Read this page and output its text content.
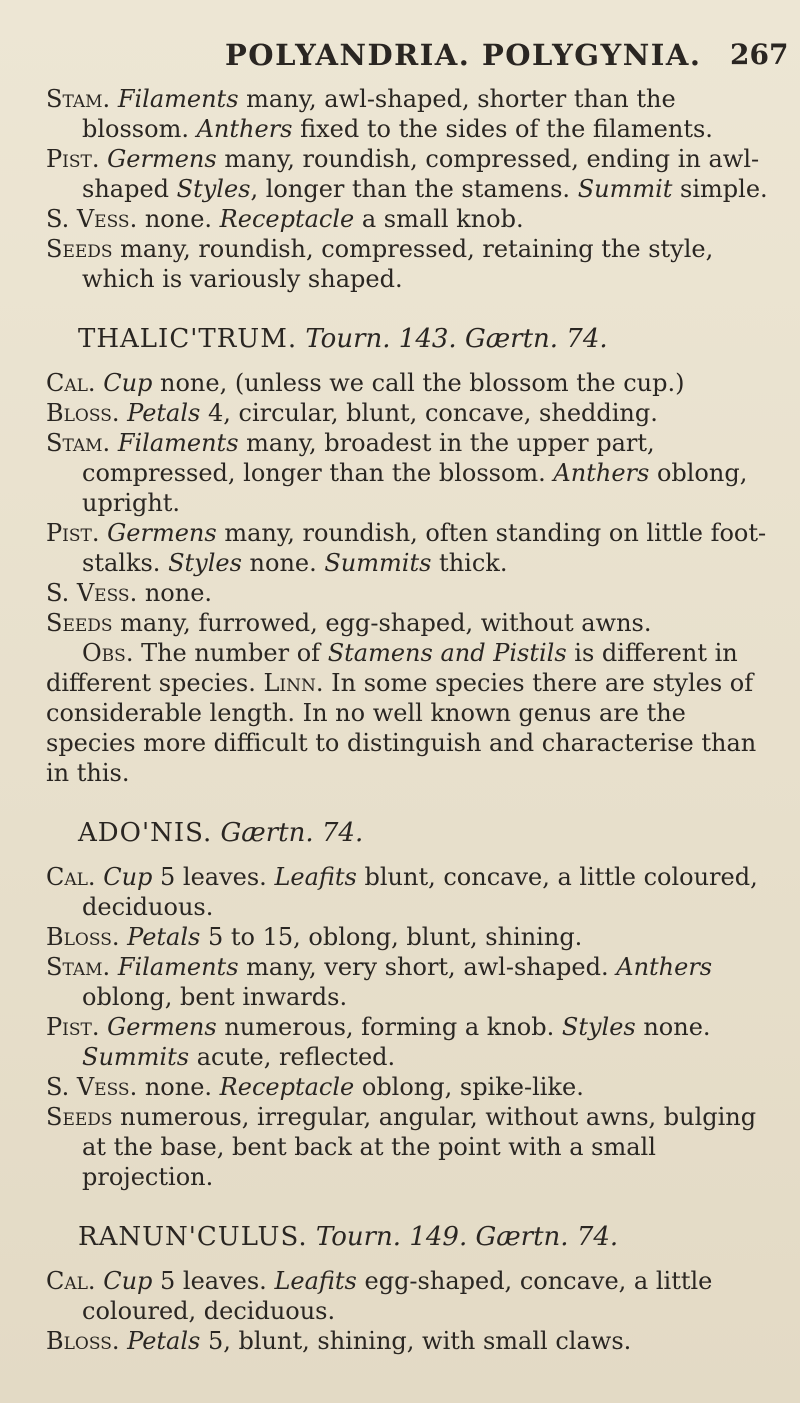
POLYANDRIA. POLYGYNIA. 267

Stam. Filaments many, awl-shaped, shorter than the blossom. Anthers fixed to the sides of the filaments.

Pist. Germens many, roundish, compressed, ending in awl-shaped Styles, longer than the stamens. Summit simple.

S. Vess. none. Receptacle a small knob.

Seeds many, roundish, compressed, retaining the style, which is variously shaped.

THALIC'TRUM. Tourn. 143. Gærtn. 74.

Cal. Cup none, (unless we call the blossom the cup.)

Bloss. Petals 4, circular, blunt, concave, shedding.

Stam. Filaments many, broadest in the upper part, compressed, longer than the blossom. Anthers oblong, upright.

Pist. Germens many, roundish, often standing on little foot-stalks. Styles none. Summits thick.

S. Vess. none.

Seeds many, furrowed, egg-shaped, without awns.

Obs. The number of Stamens and Pistils is different in different species. Linn. In some species there are styles of considerable length. In no well known genus are the species more difficult to distinguish and characterise than in this.

ADO'NIS. Gærtn. 74.

Cal. Cup 5 leaves. Leafits blunt, concave, a little coloured, deciduous.

Bloss. Petals 5 to 15, oblong, blunt, shining.

Stam. Filaments many, very short, awl-shaped. Anthers oblong, bent inwards.

Pist. Germens numerous, forming a knob. Styles none. Summits acute, reflected.

S. Vess. none. Receptacle oblong, spike-like.

Seeds numerous, irregular, angular, without awns, bulging at the base, bent back at the point with a small projection.

RANUN'CULUS. Tourn. 149. Gærtn. 74.

Cal. Cup 5 leaves. Leafits egg-shaped, concave, a little coloured, deciduous.

Bloss. Petals 5, blunt, shining, with small claws.
